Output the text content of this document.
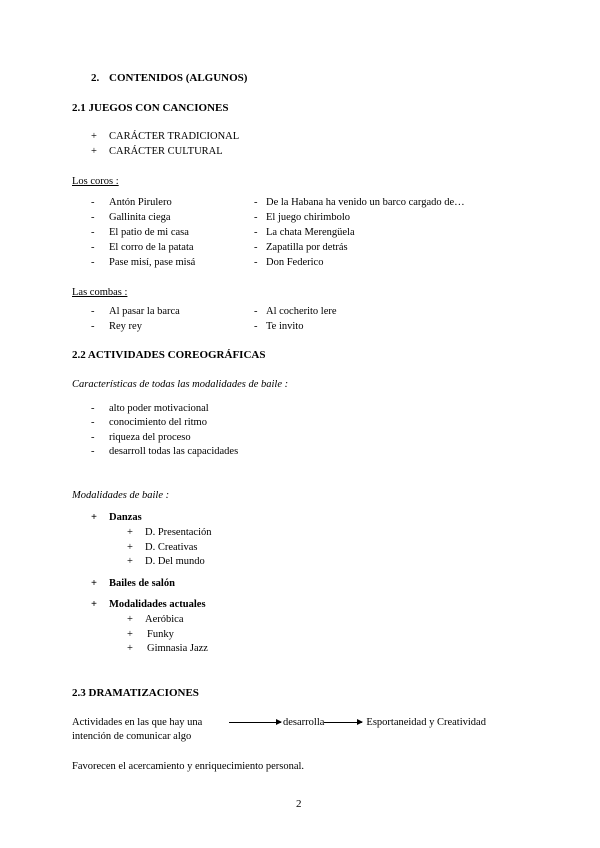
2. CONTENIDOS (ALGUNOS)
2.1 JUEGOS CON CANCIONES
+ CARÁCTER TRADICIONAL
+ CARÁCTER CULTURAL
Los coros :
- Antón Pirulero
- Gallinita ciega
- El patio de mi casa
- El corro de la patata
- Pase misí, pase misá
- De la Habana ha venido un barco cargado de…
- El juego chirimbolo
- La chata Merengüela
- Zapatilla por detrás
- Don Federico
Las combas :
- Al pasar la barca
- Rey rey
- Al cocherito lere
- Te invito
2.2 ACTIVIDADES COREOGRÁFICAS
Características de todas las modalidades de baile :
- alto poder motivacional
- conocimiento del ritmo
- riqueza del proceso
- desarroll todas las capacidades
Modalidades de baile :
+ Danzas
+ D. Presentación
+ D. Creativas
+ D. Del mundo
+ Bailes de salón
+ Modalidades actuales
+ Aeróbica
+ Funky
+ Gimnasia Jazz
2.3 DRAMATIZACIONES
Actividades en las que hay una
intención de comunicar algo
desarrolla	Esportaneidad y Creatividad
Favorecen el acercamiento y enriquecimiento personal.
2
